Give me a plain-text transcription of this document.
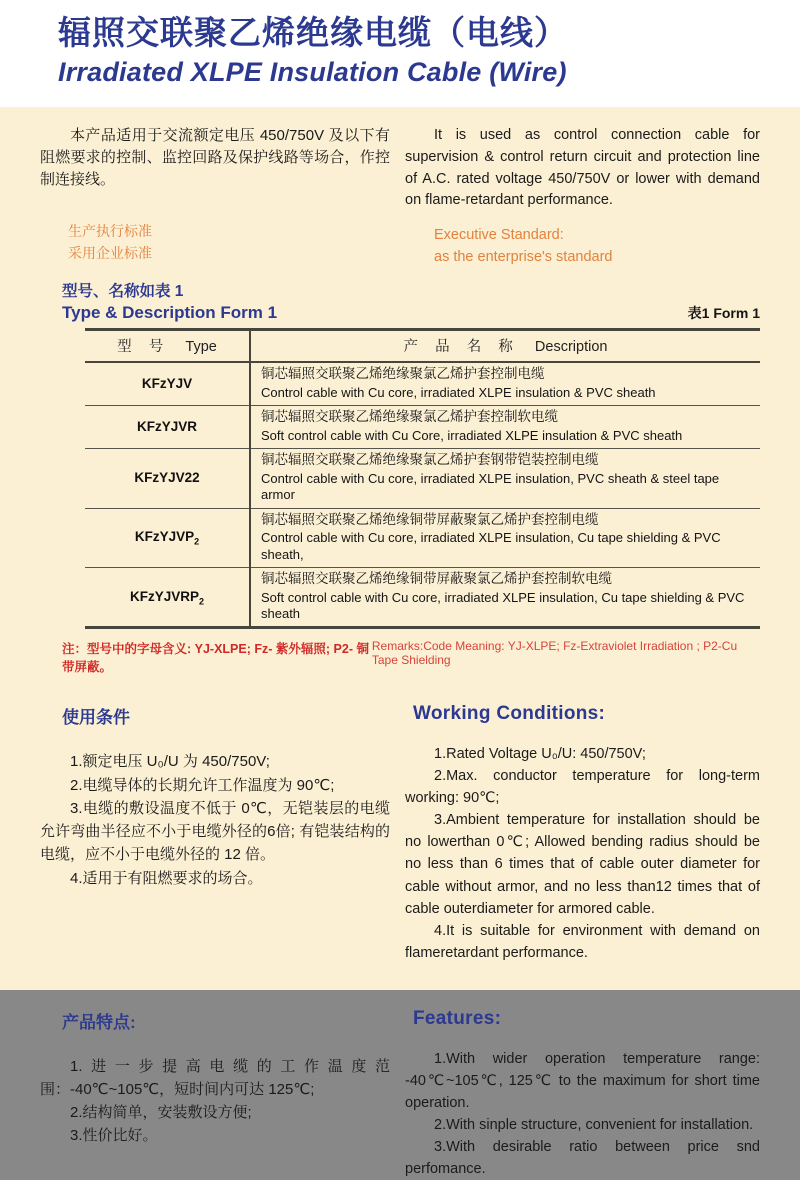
辐照交联聚乙烯绝缘电缆（电线）
Irradiated XLPE Insulation Cable (Wire)

本产品适用于交流额定电压 450/750V 及以下有阻燃要求的控制、监控回路及保护线路等场合，作控制连接线。

生产执行标准
采用企业标准

It is used as control connection cable for supervision & control return circuit and protection line of A.C. rated voltage 450/750V or lower with demand on flame-retardant performance.

Executive Standard:
as the enterprise's standard
型号、名称如表 1
Type & Description Form 1	表1 Form 1
型 号 Type	产 品 名 称 Description
KFzYJV	铜芯辐照交联聚乙烯绝缘聚氯乙烯护套控制电缆
Control cable with Cu core, irradiated XLPE insulation & PVC sheath

KFzYJVR	铜芯辐照交联聚乙烯绝缘聚氯乙烯护套控制软电缆
Soft control cable with Cu Core, irradiated XLPE insulation & PVC sheath

KFzYJV22	铜芯辐照交联聚乙烯绝缘聚氯乙烯护套钢带铠装控制电缆
Control cable with Cu core, irradiated XLPE insulation, PVC sheath & steel tape armor

KFzYJVP$_2$	铜芯辐照交联聚乙烯绝缘铜带屏蔽聚氯乙烯护套控制电缆
Control cable with Cu core, irradiated XLPE insulation, Cu tape shielding & PVC sheath,

KFzYJVRP$_2$	铜芯辐照交联聚乙烯绝缘铜带屏蔽聚氯乙烯护套控制软电缆
Soft control cable with Cu core, irradiated XLPE insulation, Cu tape shielding & PVC sheath
注：型号中的字母含义: YJ-XLPE; Fz- 紫外辐照; P2- 铜带屏蔽。
Remarks:Code Meaning: YJ-XLPE; Fz-Extraviolet Irradiation ; P2-Cu Tape Shielding
使用条件

1.额定电压 U₀/U 为 450/750V;

2.电缆导体的长期允许工作温度为 90℃;

3.电缆的敷设温度不低于 0℃，无铠装层的电缆允许弯曲半径应不小于电缆外径的6倍; 有铠装结构的电缆，应不小于电缆外径的 12 倍。

4.适用于有阻燃要求的场合。

Working Conditions:

1.Rated Voltage U₀/U: 450/750V;

2.Max. conductor temperature for long-term working: 90℃;

3.Ambient temperature for installation should be no lowerthan 0℃; Allowed bending radius should be no less than 6 times that of cable outer diameter for cable without armor, and no less than12 times that of cable outerdiameter for armored cable.

4.It is suitable for environment with demand on flameretardant performance.

产品特点:

1.进一步提高电缆的工作温度范围：-40℃~105℃，短时间内可达 125℃;

2.结构简单，安装敷设方便;

3.性价比好。

Features:

1.With wider operation temperature range: -40℃~105℃, 125℃ to the maximum for short time operation.

2.With sinple structure, convenient for installation.

3.With desirable ratio between price snd perfomance.
